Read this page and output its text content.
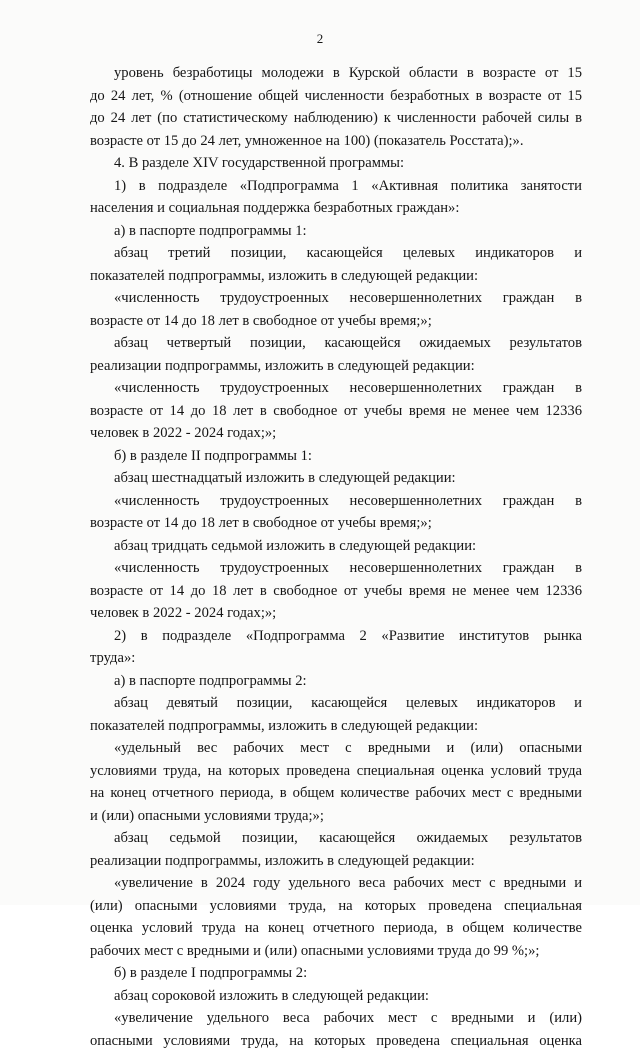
2
уровень безработицы молодежи в Курской области в возрасте от 15
до 24 лет, % (отношение общей численности безработных в возрасте от 15
до 24 лет (по статистическому наблюдению) к численности рабочей силы в
возрасте от 15 до 24 лет, умноженное на 100) (показатель Росстата);».
4. В разделе XIV государственной программы:
1) в подразделе «Подпрограмма 1 «Активная политика занятости
населения и социальная поддержка безработных граждан»:
а) в паспорте подпрограммы 1:
абзац третий позиции, касающейся целевых индикаторов и
показателей подпрограммы, изложить в следующей редакции:
«численность трудоустроенных несовершеннолетних граждан в
возрасте от 14 до 18 лет в свободное от учебы время;»;
абзац четвертый позиции, касающейся ожидаемых результатов
реализации подпрограммы, изложить в следующей редакции:
«численность трудоустроенных несовершеннолетних граждан в
возрасте от 14 до 18 лет в свободное от учебы время не менее чем 12336
человек в 2022 - 2024 годах;»;
б) в разделе II подпрограммы 1:
абзац шестнадцатый изложить в следующей редакции:
«численность трудоустроенных несовершеннолетних граждан в
возрасте от 14 до 18 лет в свободное от учебы время;»;
абзац тридцать седьмой изложить в следующей редакции:
«численность трудоустроенных несовершеннолетних граждан в
возрасте от 14 до 18 лет в свободное от учебы время не менее чем 12336
человек в 2022 - 2024 годах;»;
2) в подразделе «Подпрограмма 2 «Развитие институтов рынка
труда»:
а) в паспорте подпрограммы 2:
абзац девятый позиции, касающейся целевых индикаторов и
показателей подпрограммы, изложить в следующей редакции:
«удельный вес рабочих мест с вредными и (или) опасными
условиями труда, на которых проведена специальная оценка условий труда
на конец отчетного периода, в общем количестве рабочих мест с вредными
и (или) опасными условиями труда;»;
абзац седьмой позиции, касающейся ожидаемых результатов
реализации подпрограммы, изложить в следующей редакции:
«увеличение в 2024 году удельного веса рабочих мест с вредными и
(или) опасными условиями труда, на которых проведена специальная
оценка условий труда на конец отчетного периода, в общем количестве
рабочих мест с вредными и (или) опасными условиями труда до 99 %;»;
б) в разделе I подпрограммы 2:
абзац сороковой изложить в следующей редакции:
«увеличение удельного веса рабочих мест с вредными и (или)
опасными условиями труда, на которых проведена специальная оценка
